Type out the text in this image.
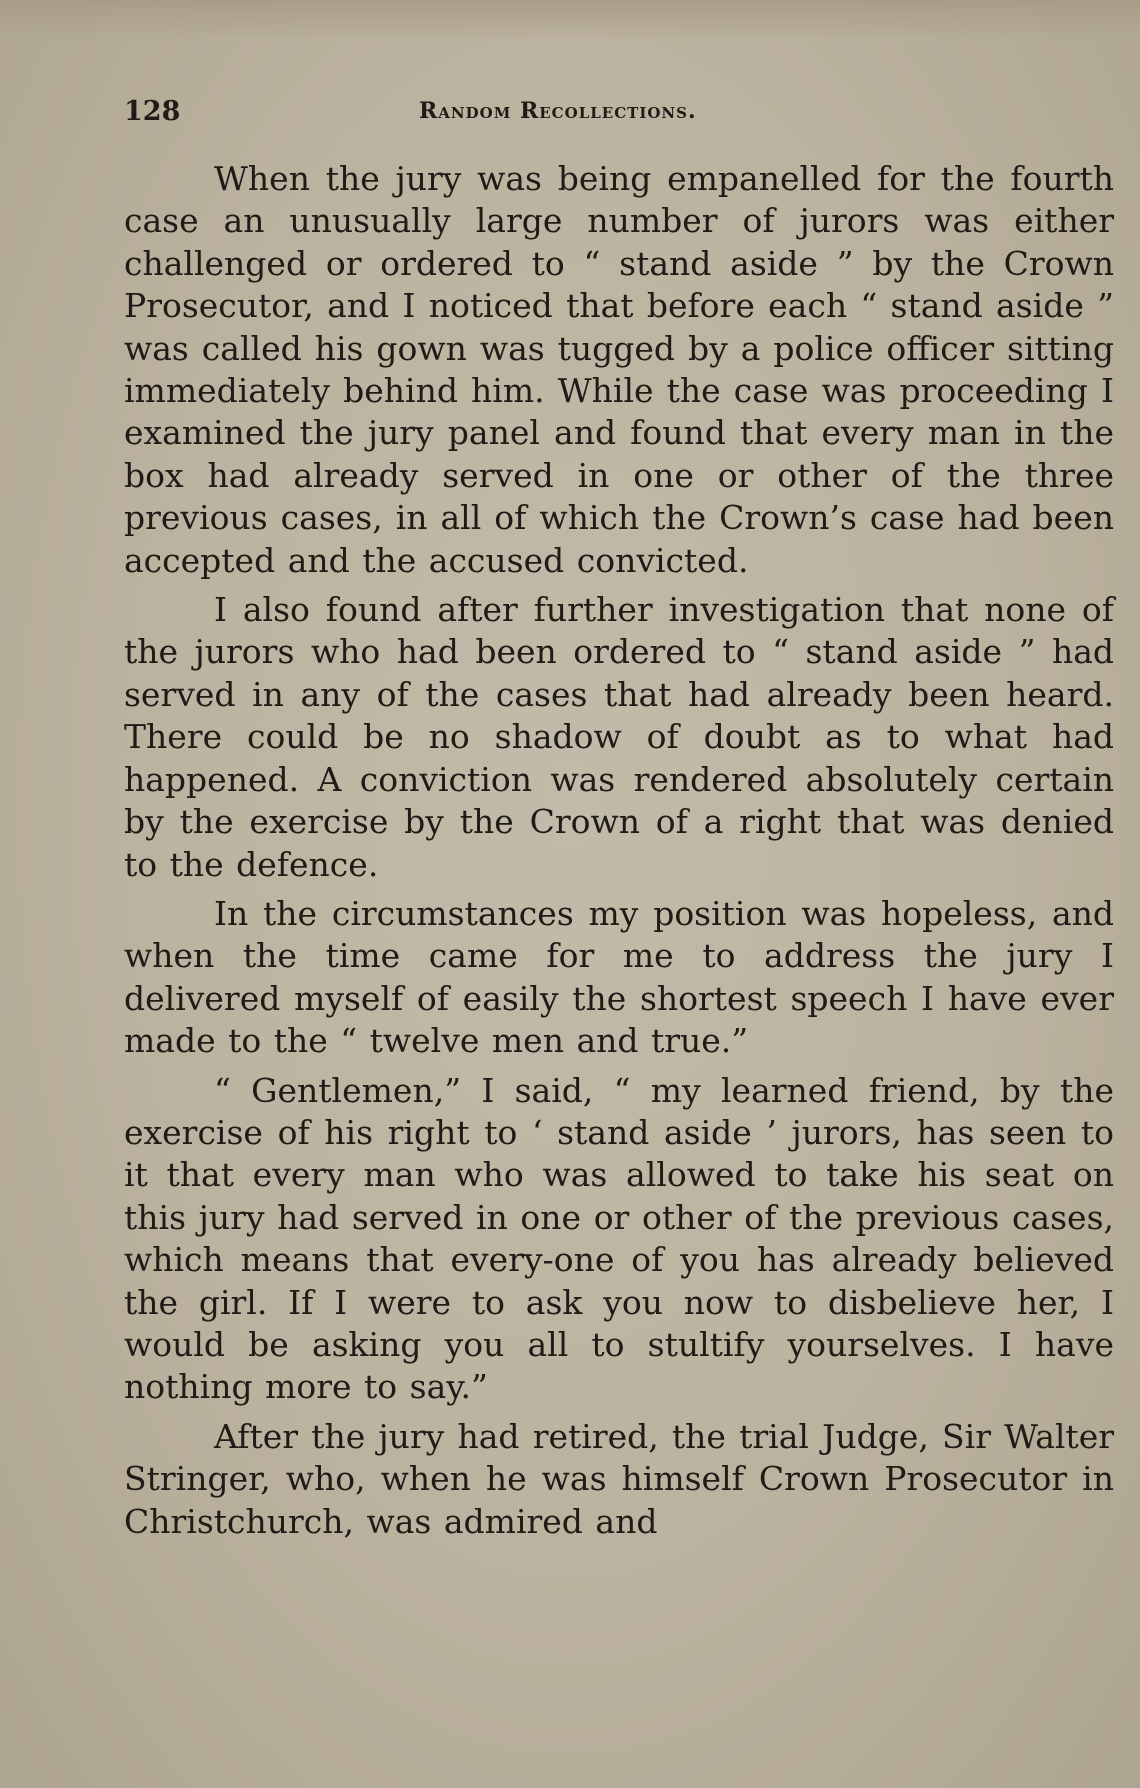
128	Random Recollections.

When the jury was being empanelled for the fourth case an unusually large number of jurors was either challenged or ordered to “ stand aside ” by the Crown Prosecutor, and I noticed that before each “ stand aside ” was called his gown was tugged by a police officer sitting immediately behind him. While the case was proceeding I examined the jury panel and found that every man in the box had already served in one or other of the three previous cases, in all of which the Crown’s case had been accepted and the accused convicted.

I also found after further investigation that none of the jurors who had been ordered to “ stand aside ” had served in any of the cases that had already been heard. There could be no shadow of doubt as to what had happened. A conviction was rendered absolutely certain by the exercise by the Crown of a right that was denied to the defence.

In the circumstances my position was hopeless, and when the time came for me to address the jury I delivered myself of easily the shortest speech I have ever made to the “ twelve men and true.”

“ Gentlemen,” I said, “ my learned friend, by the exercise of his right to ‘ stand aside ’ jurors, has seen to it that every man who was allowed to take his seat on this jury had served in one or other of the previous cases, which means that every-one of you has already believed the girl. If I were to ask you now to disbelieve her, I would be asking you all to stultify yourselves. I have nothing more to say.”

After the jury had retired, the trial Judge, Sir Walter Stringer, who, when he was himself Crown Prosecutor in Christchurch, was admired and
